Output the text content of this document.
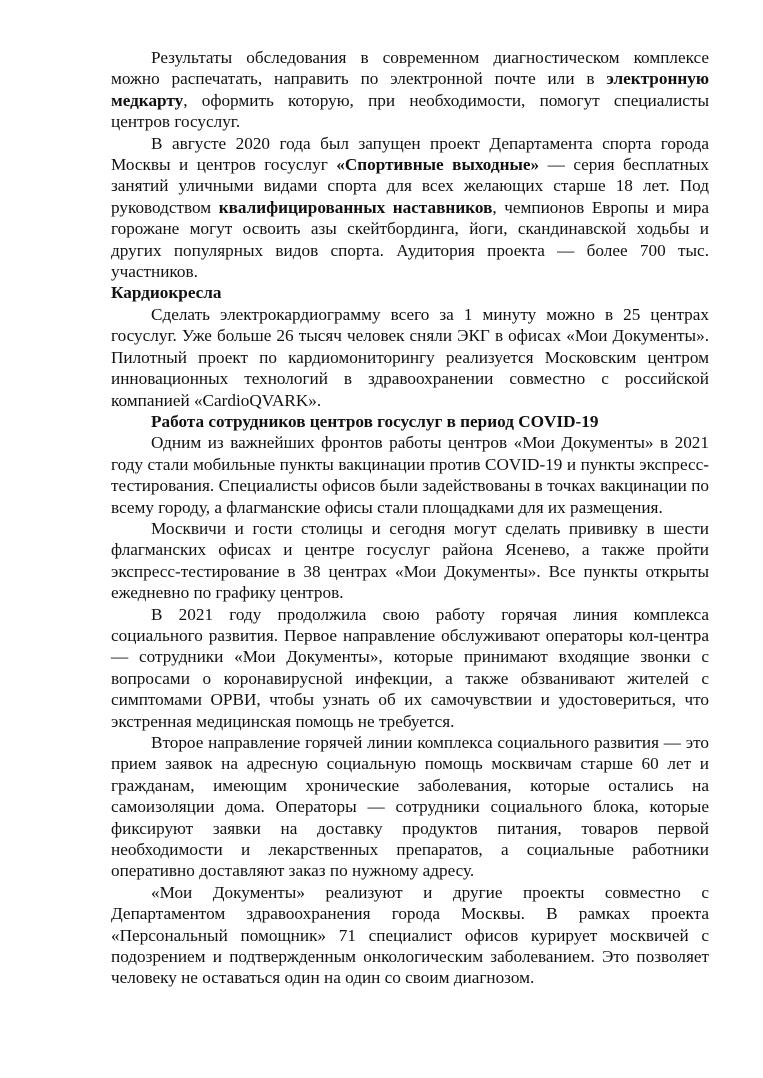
Результаты обследования в современном диагностическом комплексе можно распечатать, направить по электронной почте или в электронную медкарту, оформить которую, при необходимости, помогут специалисты центров госуслуг.

В августе 2020 года был запущен проект Департамента спорта города Москвы и центров госуслуг «Спортивные выходные» — серия бесплатных занятий уличными видами спорта для всех желающих старше 18 лет. Под руководством квалифицированных наставников, чемпионов Европы и мира горожане могут освоить азы скейтбординга, йоги, скандинавской ходьбы и других популярных видов спорта. Аудитория проекта — более 700 тыс. участников.

Кардиокресла

Сделать электрокардиограмму всего за 1 минуту можно в 25 центрах госуслуг. Уже больше 26 тысяч человек сняли ЭКГ в офисах «Мои Документы». Пилотный проект по кардиомониторингу реализуется Московским центром инновационных технологий в здравоохранении совместно с российской компанией «CardioQVARK».

Работа сотрудников центров госуслуг в период COVID-19

Одним из важнейших фронтов работы центров «Мои Документы» в 2021 году стали мобильные пункты вакцинации против COVID-19 и пункты экспресс-тестирования. Специалисты офисов были задействованы в точках вакцинации по всему городу, а флагманские офисы стали площадками для их размещения.

Москвичи и гости столицы и сегодня могут сделать прививку в шести флагманских офисах и центре госуслуг района Ясенево, а также пройти экспресс-тестирование в 38 центрах «Мои Документы». Все пункты открыты ежедневно по графику центров.

В 2021 году продолжила свою работу горячая линия комплекса социального развития. Первое направление обслуживают операторы кол-центра — сотрудники «Мои Документы», которые принимают входящие звонки с вопросами о коронавирусной инфекции, а также обзванивают жителей с симптомами ОРВИ, чтобы узнать об их самочувствии и удостовериться, что экстренная медицинская помощь не требуется.

Второе направление горячей линии комплекса социального развития — это прием заявок на адресную социальную помощь москвичам старше 60 лет и гражданам, имеющим хронические заболевания, которые остались на самоизоляции дома. Операторы — сотрудники социального блока, которые фиксируют заявки на доставку продуктов питания, товаров первой необходимости и лекарственных препаратов, а социальные работники оперативно доставляют заказ по нужному адресу.

«Мои Документы» реализуют и другие проекты совместно с Департаментом здравоохранения города Москвы. В рамках проекта «Персональный помощник» 71 специалист офисов курирует москвичей с подозрением и подтвержденным онкологическим заболеванием. Это позволяет человеку не оставаться один на один со своим диагнозом.
